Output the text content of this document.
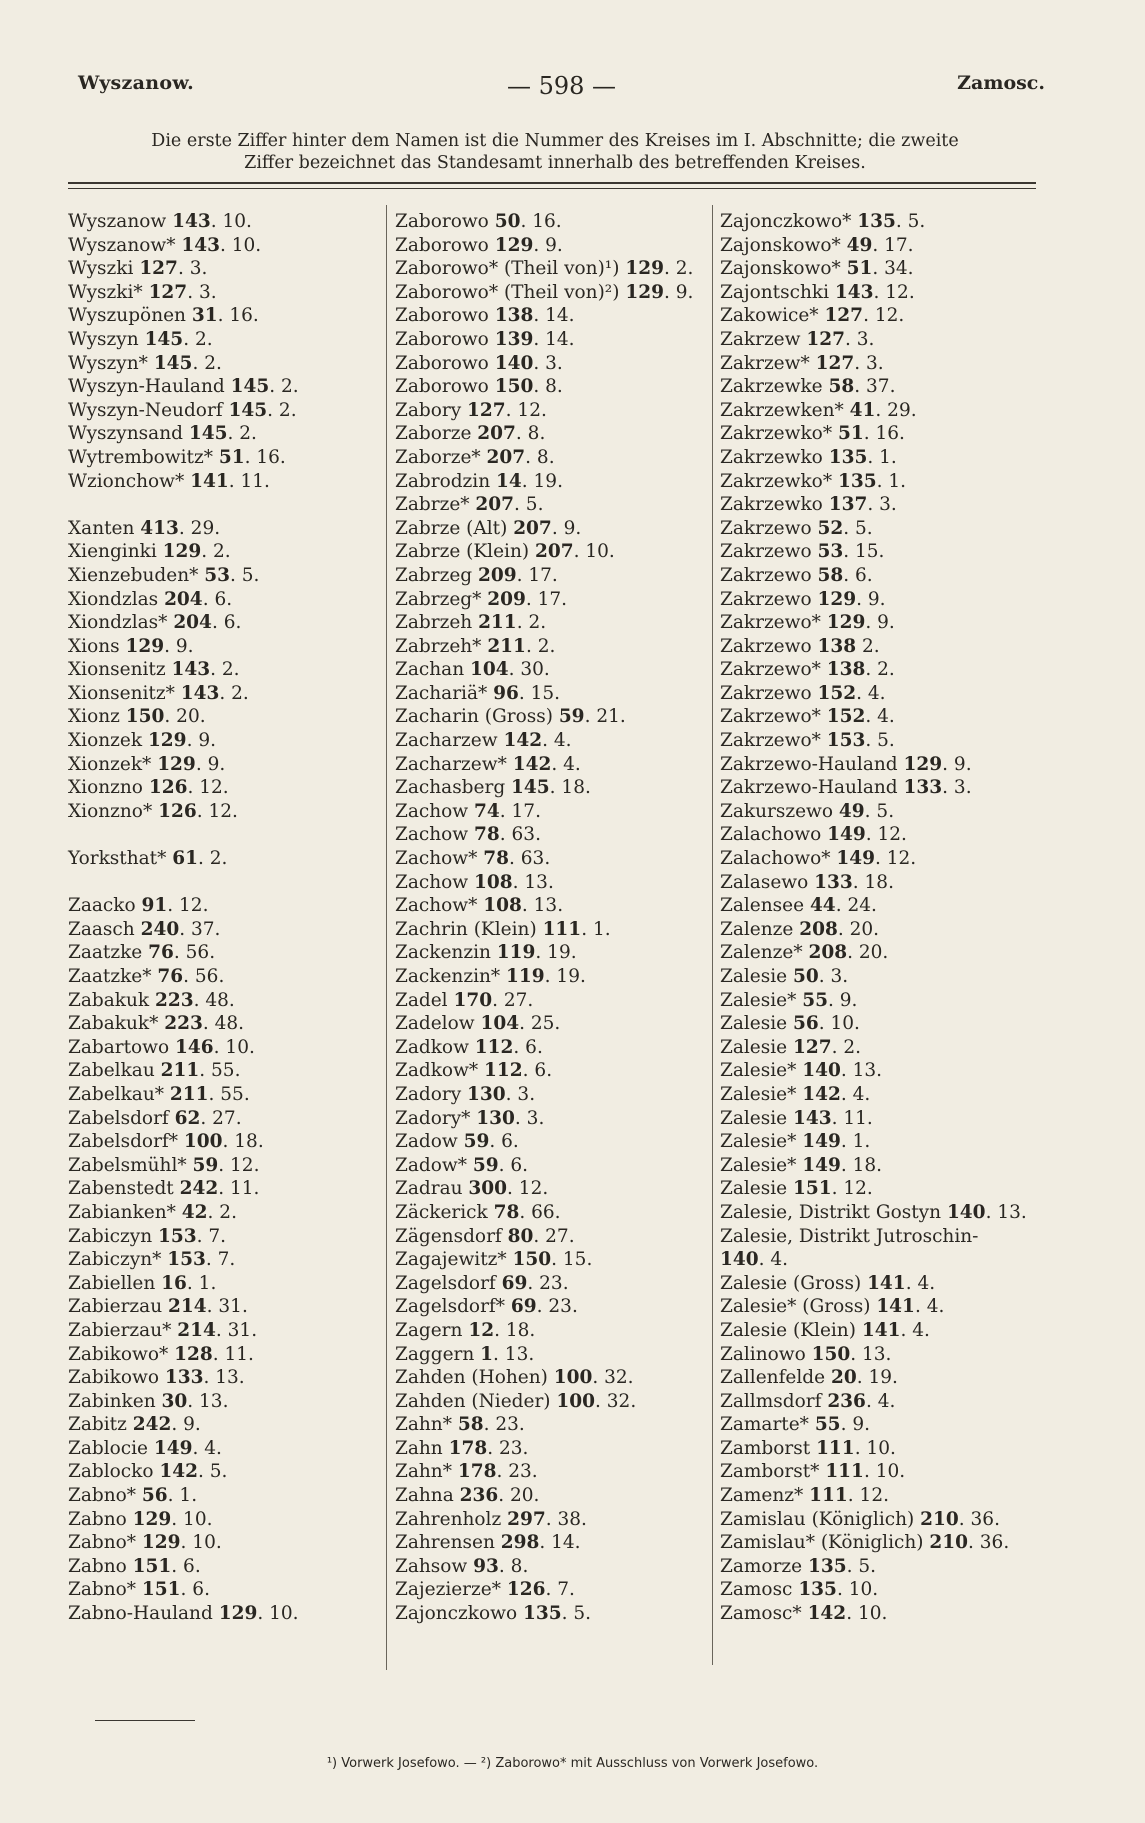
Wyszanow.	— 598 —	Zamosc.
Die erste Ziffer hinter dem Namen ist die Nummer des Kreises im I. Abschnitte; die zweite
Ziffer bezeichnet das Standesamt innerhalb des betreffenden Kreises.
Wyszanow 143. 10.
Wyszanow* 143. 10.
Wyszki 127. 3.
Wyszki* 127. 3.
Wyszupönen 31. 16.
Wyszyn 145. 2.
Wyszyn* 145. 2.
Wyszyn-Hauland 145. 2.
Wyszyn-Neudorf 145. 2.
Wyszynsand 145. 2.
Wytrembowitz* 51. 16.
Wzionchow* 141. 11.
Xanten 413. 29.
Xienginki 129. 2.
Xienzebuden* 53. 5.
Xiondzlas 204. 6.
Xiondzlas* 204. 6.
Xions 129. 9.
Xionsenitz 143. 2.
Xionsenitz* 143. 2.
Xionz 150. 20.
Xionzek 129. 9.
Xionzek* 129. 9.
Xionzno 126. 12.
Xionzno* 126. 12.
Yorksthat* 61. 2.
Zaacko 91. 12.
Zaasch 240. 37.
Zaatzke 76. 56.
Zaatzke* 76. 56.
Zabakuk 223. 48.
Zabakuk* 223. 48.
Zabartowo 146. 10.
Zabelkau 211. 55.
Zabelkau* 211. 55.
Zabelsdorf 62. 27.
Zabelsdorf* 100. 18.
Zabelsmühl* 59. 12.
Zabenstedt 242. 11.
Zabianken* 42. 2.
Zabiczyn 153. 7.
Zabiczyn* 153. 7.
Zabiellen 16. 1.
Zabierzau 214. 31.
Zabierzau* 214. 31.
Zabikowo* 128. 11.
Zabikowo 133. 13.
Zabinken 30. 13.
Zabitz 242. 9.
Zablocie 149. 4.
Zablocko 142. 5.
Zabno* 56. 1.
Zabno 129. 10.
Zabno* 129. 10.
Zabno 151. 6.
Zabno* 151. 6.
Zabno-Hauland 129. 10.
Zaborowo 50. 16.
Zaborowo 129. 9.
Zaborowo* (Theil von)¹) 129. 2.
Zaborowo* (Theil von)²) 129. 9.
Zaborowo 138. 14.
Zaborowo 139. 14.
Zaborowo 140. 3.
Zaborowo 150. 8.
Zabory 127. 12.
Zaborze 207. 8.
Zaborze* 207. 8.
Zabrodzin 14. 19.
Zabrze* 207. 5.
Zabrze (Alt) 207. 9.
Zabrze (Klein) 207. 10.
Zabrzeg 209. 17.
Zabrzeg* 209. 17.
Zabrzeh 211. 2.
Zabrzeh* 211. 2.
Zachan 104. 30.
Zachariä* 96. 15.
Zacharin (Gross) 59. 21.
Zacharzew 142. 4.
Zacharzew* 142. 4.
Zachasberg 145. 18.
Zachow 74. 17.
Zachow 78. 63.
Zachow* 78. 63.
Zachow 108. 13.
Zachow* 108. 13.
Zachrin (Klein) 111. 1.
Zackenzin 119. 19.
Zackenzin* 119. 19.
Zadel 170. 27.
Zadelow 104. 25.
Zadkow 112. 6.
Zadkow* 112. 6.
Zadory 130. 3.
Zadory* 130. 3.
Zadow 59. 6.
Zadow* 59. 6.
Zadrau 300. 12.
Zäckerick 78. 66.
Zägensdorf 80. 27.
Zagajewitz* 150. 15.
Zagelsdorf 69. 23.
Zagelsdorf* 69. 23.
Zagern 12. 18.
Zaggern 1. 13.
Zahden (Hohen) 100. 32.
Zahden (Nieder) 100. 32.
Zahn* 58. 23.
Zahn 178. 23.
Zahn* 178. 23.
Zahna 236. 20.
Zahrenholz 297. 38.
Zahrensen 298. 14.
Zahsow 93. 8.
Zajezierze* 126. 7.
Zajonczkowo 135. 5.
Zajonczkowo* 135. 5.
Zajonskowo* 49. 17.
Zajonskowo* 51. 34.
Zajontschki 143. 12.
Zakowice* 127. 12.
Zakrzew 127. 3.
Zakrzew* 127. 3.
Zakrzewke 58. 37.
Zakrzewken* 41. 29.
Zakrzewko* 51. 16.
Zakrzewko 135. 1.
Zakrzewko* 135. 1.
Zakrzewko 137. 3.
Zakrzewo 52. 5.
Zakrzewo 53. 15.
Zakrzewo 58. 6.
Zakrzewo 129. 9.
Zakrzewo* 129. 9.
Zakrzewo 138 2.
Zakrzewo* 138. 2.
Zakrzewo 152. 4.
Zakrzewo* 152. 4.
Zakrzewo* 153. 5.
Zakrzewo-Hauland 129. 9.
Zakrzewo-Hauland 133. 3.
Zakurszewo 49. 5.
Zalachowo 149. 12.
Zalachowo* 149. 12.
Zalasewo 133. 18.
Zalensee 44. 24.
Zalenze 208. 20.
Zalenze* 208. 20.
Zalesie 50. 3.
Zalesie* 55. 9.
Zalesie 56. 10.
Zalesie 127. 2.
Zalesie* 140. 13.
Zalesie* 142. 4.
Zalesie 143. 11.
Zalesie* 149. 1.
Zalesie* 149. 18.
Zalesie 151. 12.
Zalesie, Distrikt Gostyn 140. 13.
Zalesie, Distrikt Jutroschin-
140. 4.
Zalesie (Gross) 141. 4.
Zalesie* (Gross) 141. 4.
Zalesie (Klein) 141. 4.
Zalinowo 150. 13.
Zallenfelde 20. 19.
Zallmsdorf 236. 4.
Zamarte* 55. 9.
Zamborst 111. 10.
Zamborst* 111. 10.
Zamenz* 111. 12.
Zamislau (Königlich) 210. 36.
Zamislau* (Königlich) 210. 36.
Zamorze 135. 5.
Zamosc 135. 10.
Zamosc* 142. 10.
¹) Vorwerk Josefowo. — ²) Zaborowo* mit Ausschluss von Vorwerk Josefowo.
